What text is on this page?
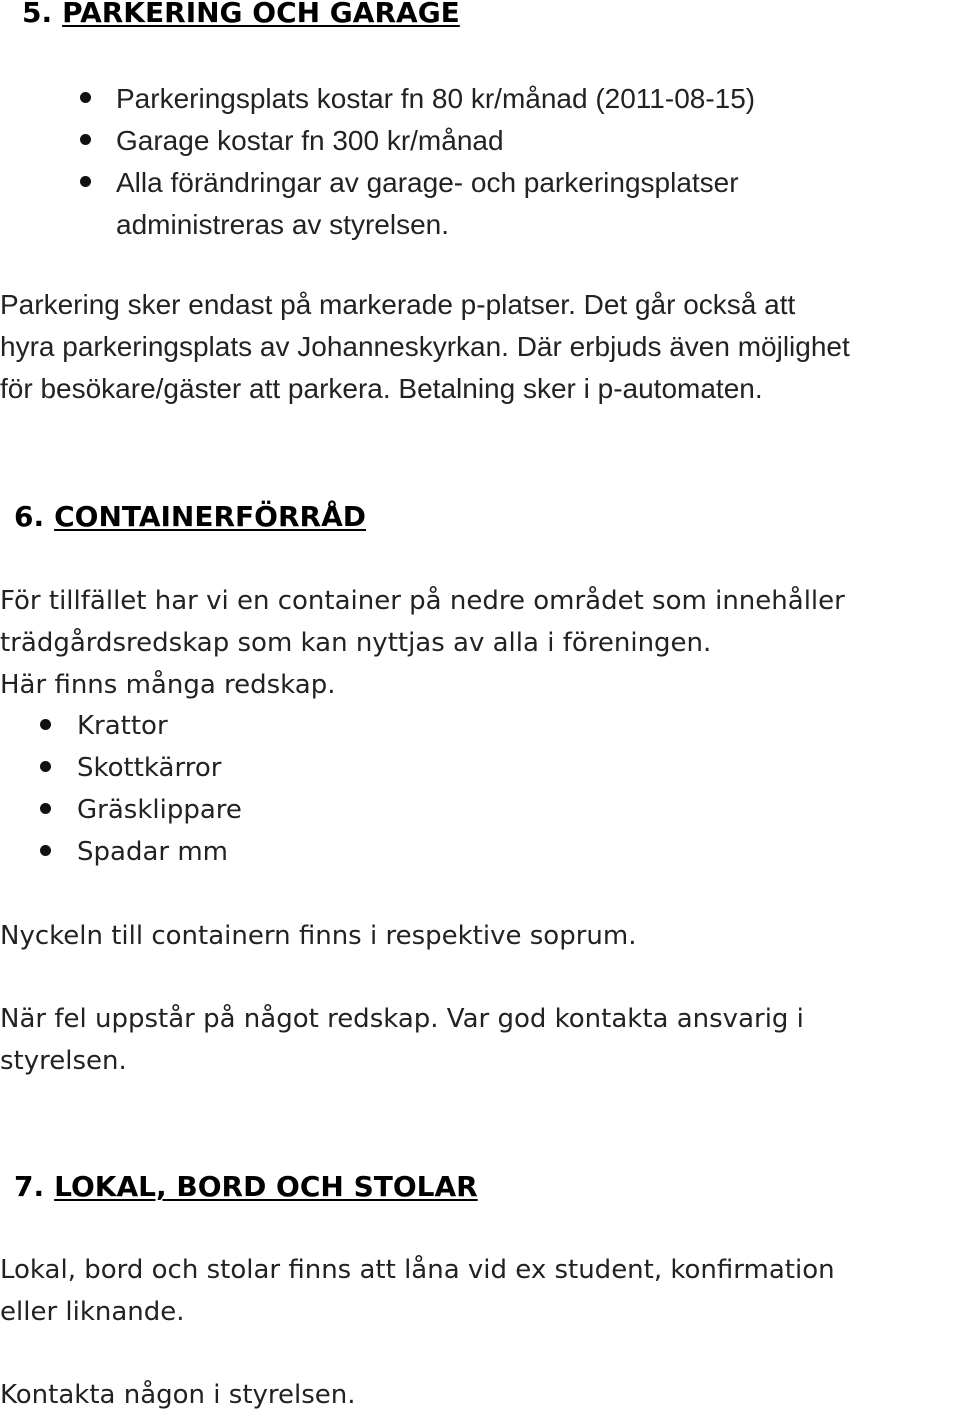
5. PARKERING OCH GARAGE
Parkeringsplats kostar fn 80 kr/månad (2011-08-15)
Garage kostar fn 300 kr/månad
Alla förändringar av garage- och parkeringsplatser
administreras av styrelsen.

Parkering sker endast på markerade p-platser. Det går också att
hyra parkeringsplats av Johanneskyrkan. Där erbjuds även möjlighet
för besökare/gäster att parkera. Betalning sker i p-automaten.

6. CONTAINERFÖRRÅD

För tillfället har vi en container på nedre området som innehåller
trädgårdsredskap som kan nyttjas av alla i föreningen.
Här finns många redskap.

Krattor
Skottkärror
Gräsklippare
Spadar mm

Nyckeln till containern finns i respektive soprum.

När fel uppstår på något redskap. Var god kontakta ansvarig i
styrelsen.

7. LOKAL, BORD OCH STOLAR

Lokal, bord och stolar finns att låna vid ex student, konfirmation
eller liknande.

Kontakta någon i styrelsen.
